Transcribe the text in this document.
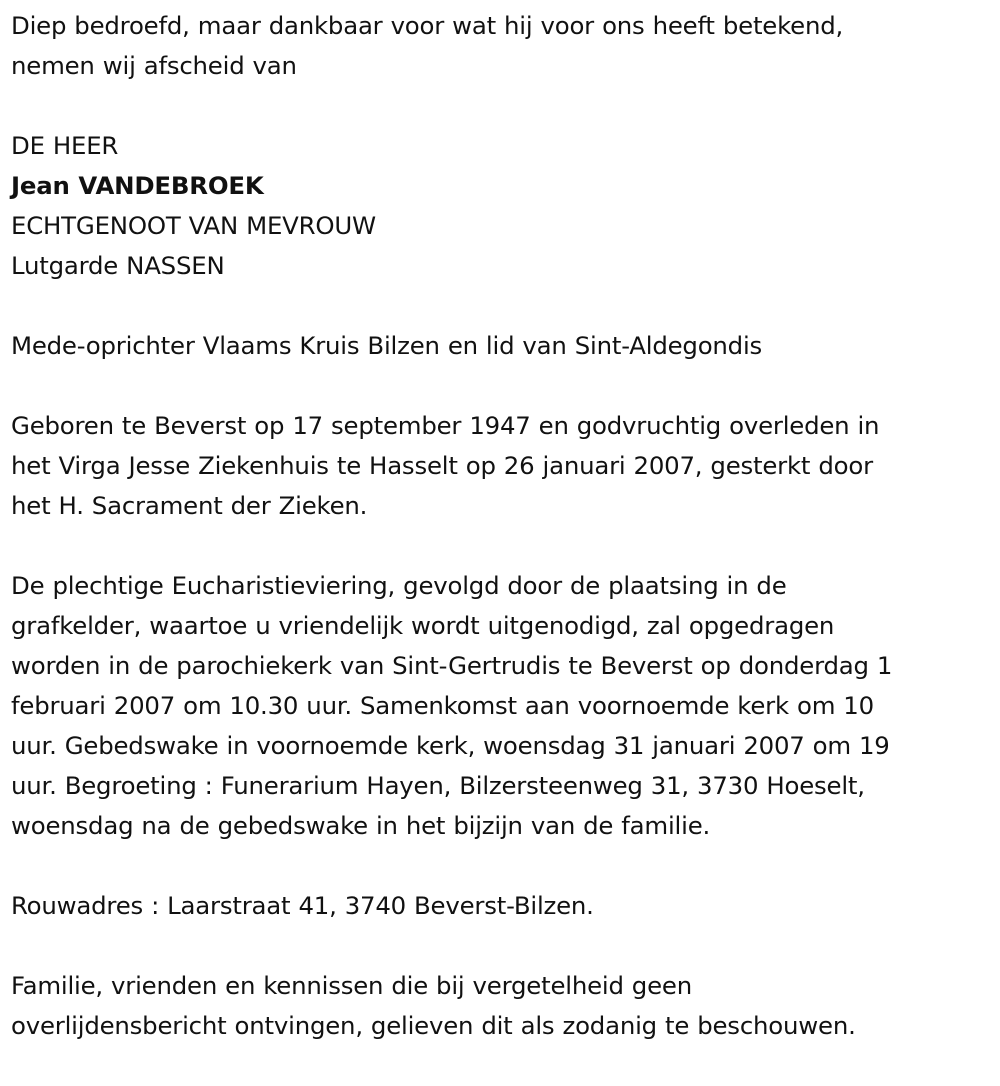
Diep bedroefd, maar dankbaar voor wat hij voor ons heeft betekend,
nemen wij afscheid van
DE HEER
Jean VANDEBROEK
ECHTGENOOT VAN MEVROUW
Lutgarde NASSEN
Mede-oprichter Vlaams Kruis Bilzen en lid van Sint-Aldegondis
Geboren te Beverst op 17 september 1947 en godvruchtig overleden in
het Virga Jesse Ziekenhuis te Hasselt op 26 januari 2007, gesterkt door
het H. Sacrament der Zieken.
De plechtige Eucharistieviering, gevolgd door de plaatsing in de
grafkelder, waartoe u vriendelijk wordt uitgenodigd, zal opgedragen
worden in de parochiekerk van Sint-Gertrudis te Beverst op donderdag 1
februari 2007 om 10.30 uur. Samenkomst aan voornoemde kerk om 10
uur. Gebedswake in voornoemde kerk, woensdag 31 januari 2007 om 19
uur. Begroeting : Funerarium Hayen, Bilzersteenweg 31, 3730 Hoeselt,
woensdag na de gebedswake in het bijzijn van de familie.
Rouwadres : Laarstraat 41, 3740 Beverst-Bilzen.
Familie, vrienden en kennissen die bij vergetelheid geen
overlijdensbericht ontvingen, gelieven dit als zodanig te beschouwen.
